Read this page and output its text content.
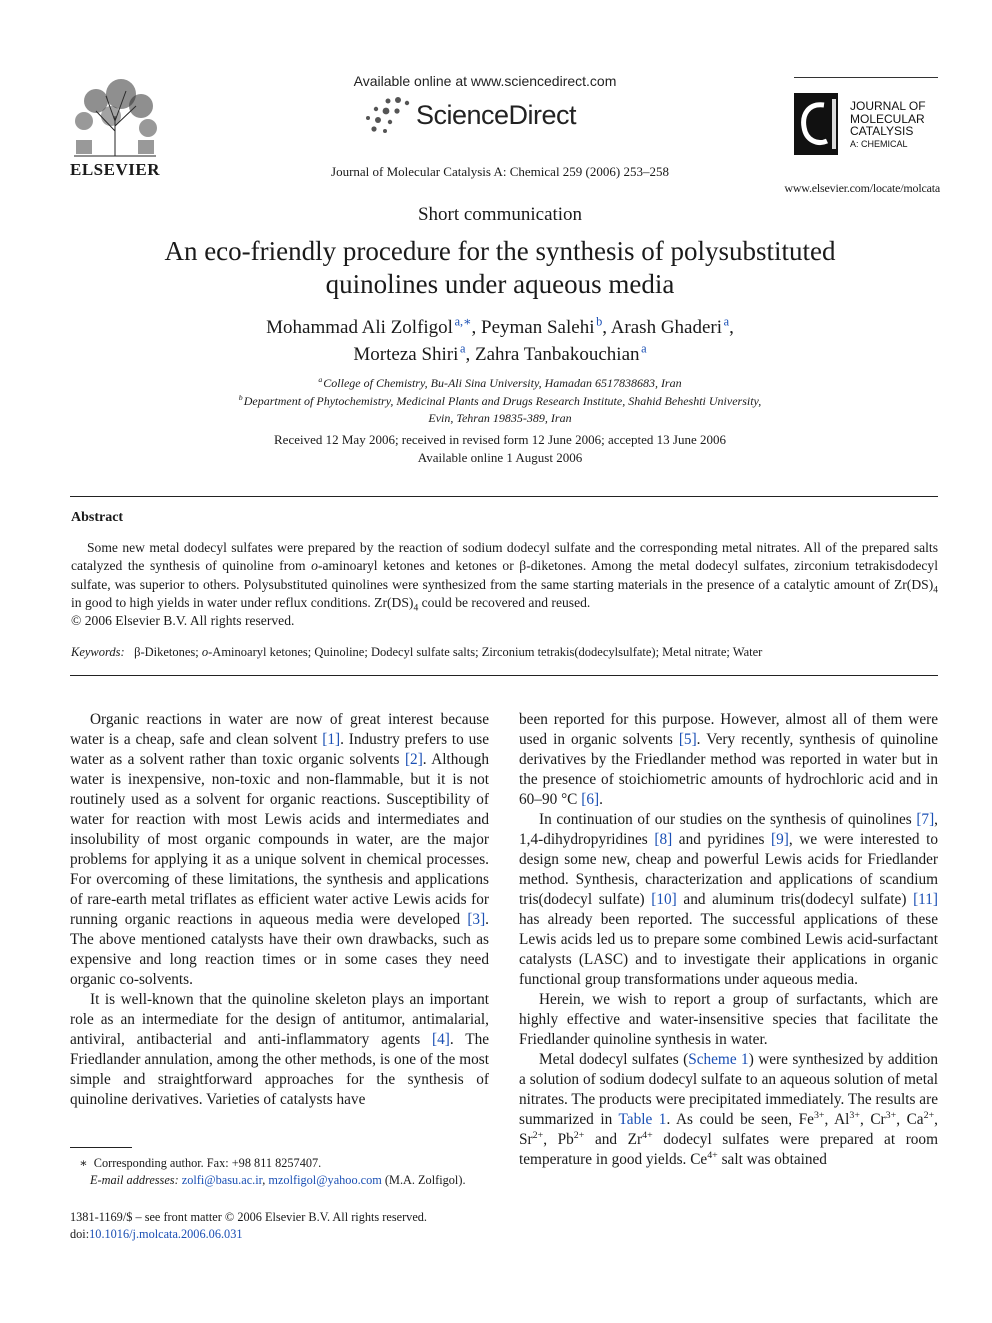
ELSEVIER
Available online at www.sciencedirect.com
ScienceDirect
Journal of Molecular Catalysis A: Chemical 259 (2006) 253–258
JOURNAL OF
MOLECULAR
CATALYSIS
A: CHEMICAL
www.elsevier.com/locate/molcata
Short communication
An eco-friendly procedure for the synthesis of polysubstituted
quinolines under aqueous media
Mohammad Ali Zolfigol  $^{a,∗}$, Peyman Salehi  $^b$, Arash Ghaderi  $^a$,
Morteza Shiri  $^a$, Zahra Tanbakouchian  $^a$
$^a$ College of Chemistry, Bu-Ali Sina University, Hamadan 6517838683, Iran
$^b$ Department of Phytochemistry, Medicinal Plants and Drugs Research Institute, Shahid Beheshti University,
Evin, Tehran 19835-389, Iran
Received 12 May 2006; received in revised form 12 June 2006; accepted 13 June 2006
Available online 1 August 2006
Abstract

Some new metal dodecyl sulfates were prepared by the reaction of sodium dodecyl sulfate and the corresponding metal nitrates. All of the prepared salts catalyzed the synthesis of quinoline from o-aminoaryl ketones and ketones or β-diketones. Among the metal dodecyl sulfates, zirconium tetrakisdodecyl sulfate, was superior to others. Polysubstituted quinolines were synthesized from the same starting materials in the presence of a catalytic amount of $Zr(DS)_4$ in good to high yields in water under reflux conditions. $Zr(DS)_4$ could be recovered and reused.

© 2006 Elsevier B.V. All rights reserved.
Keywords: β-Diketones; o-Aminoaryl ketones; Quinoline; Dodecyl sulfate salts; Zirconium tetrakis(dodecylsulfate); Metal nitrate; Water

Organic reactions in water are now of great interest because water is a cheap, safe and clean solvent [1]. Industry prefers to use water as a solvent rather than toxic organic solvents [2]. Although water is inexpensive, non-toxic and non-flammable, but it is not routinely used as a solvent for organic reactions. Susceptibility of water for reaction with most Lewis acids and intermediates and insolubility of most organic compounds in water, are the major problems for applying it as a unique solvent in chemical processes. For overcoming of these limitations, the synthesis and applications of rare-earth metal triflates as efficient water active Lewis acids for running organic reactions in aqueous media were developed [3]. The above mentioned catalysts have their own drawbacks, such as expensive and long reaction times or in some cases they need organic co-solvents.

It is well-known that the quinoline skeleton plays an important role as an intermediate for the design of antitumor, antimalarial, antiviral, antibacterial and anti-inflammatory agents [4]. The Friedlander annulation, among the other methods, is one of the most simple and straightforward approaches for the synthesis of quinoline derivatives. Varieties of catalysts have

been reported for this purpose. However, almost all of them were used in organic solvents [5]. Very recently, synthesis of quinoline derivatives by the Friedlander method was reported in water but in the presence of stoichiometric amounts of hydrochloric acid and in 60–90 °C [6].

In continuation of our studies on the synthesis of quinolines [7], 1,4-dihydropyridines [8] and pyridines [9], we were interested to design some new, cheap and powerful Lewis acids for Friedlander method. Synthesis, characterization and applications of scandium tris(dodecyl sulfate) [10] and aluminum tris(dodecyl sulfate) [11] has already been reported. The successful applications of these Lewis acids led us to prepare some combined Lewis acid-surfactant catalysts (LASC) and to investigate their applications in organic functional group transformations under aqueous media.

Herein, we wish to report a group of surfactants, which are highly effective and water-insensitive species that facilitate the Friedlander quinoline synthesis in water.

Metal dodecyl sulfates (Scheme 1) were synthesized by addition a solution of sodium dodecyl sulfate to an aqueous solution of metal nitrates. The products were precipitated immediately. The results are summarized in Table 1. As could be seen, $Fe^{3+}$, $Al^{3+}$, $Cr^{3+}$, $Ca^{2+}$, $Sr^{2+}$, $Pb^{2+}$ and $Zr^{4+}$ dodecyl sulfates were prepared at room temperature in good yields. $Ce^{4+}$ salt was obtained

∗ Corresponding author. Fax: +98 811 8257407.
E-mail addresses: zolfi@basu.ac.ir, mzolfigol@yahoo.com (M.A. Zolfigol).
1381-1169/$ – see front matter © 2006 Elsevier B.V. All rights reserved.
doi:10.1016/j.molcata.2006.06.031
